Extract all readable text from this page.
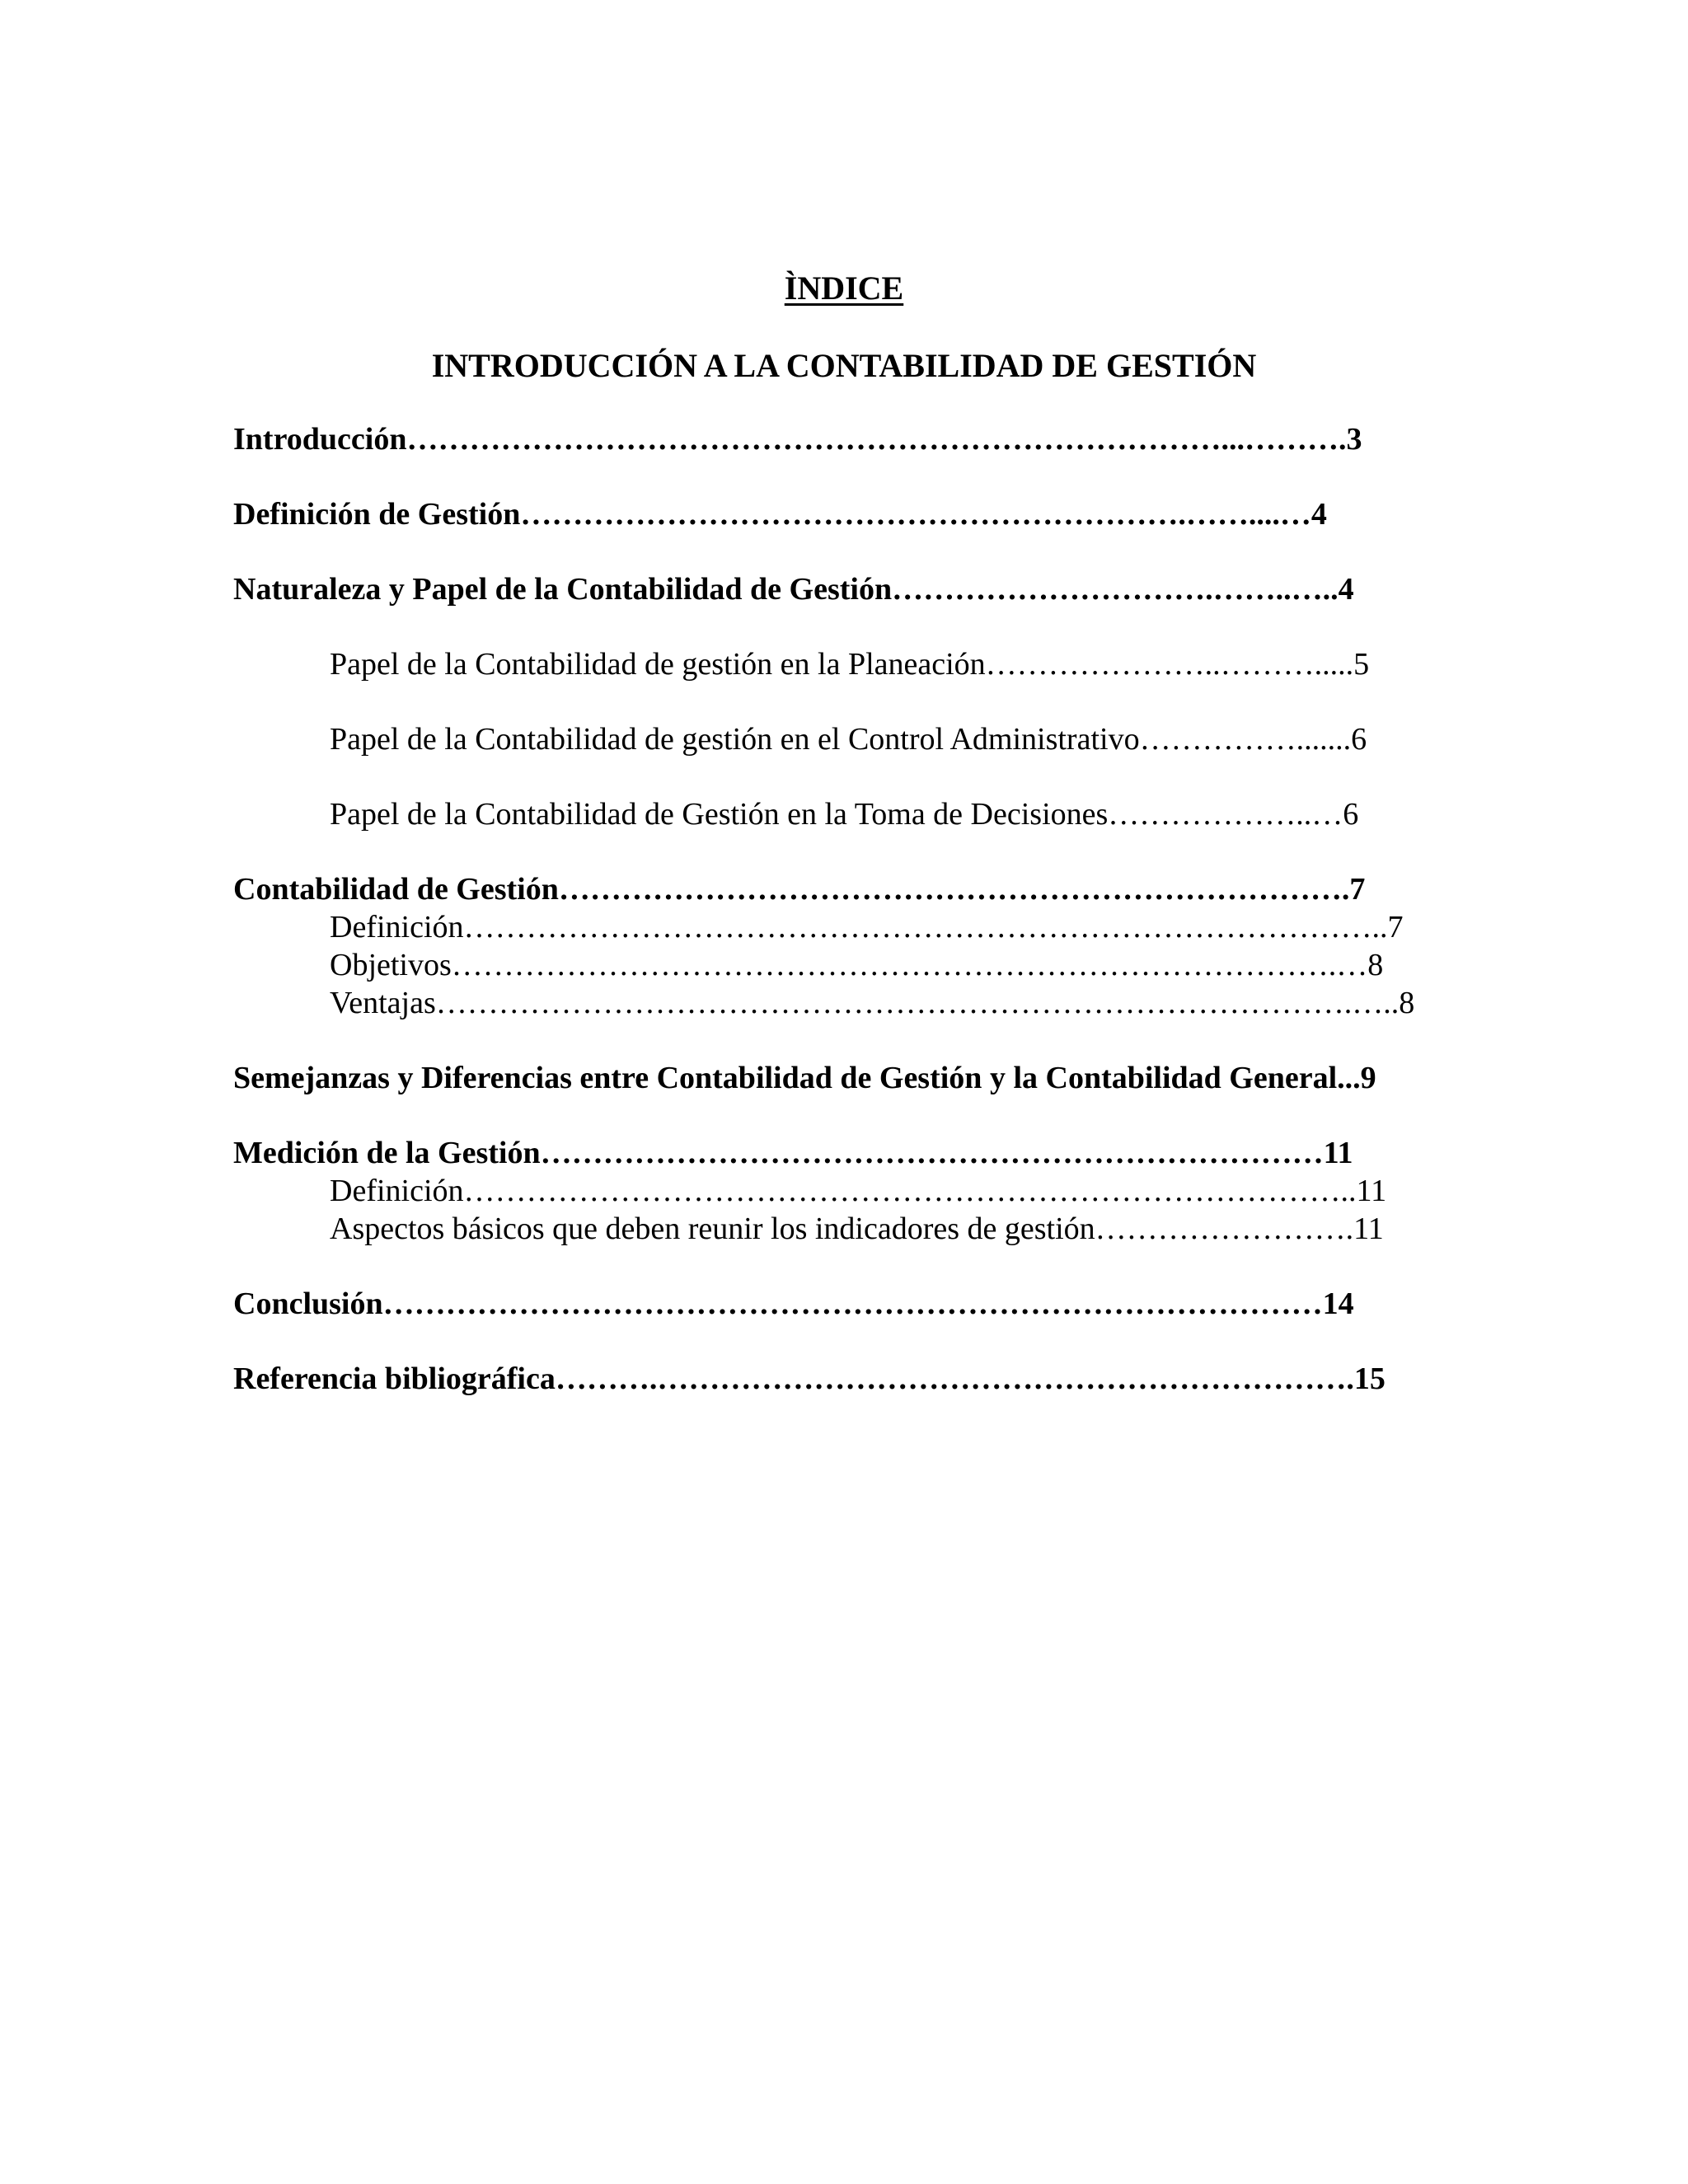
ÌNDICE
INTRODUCCIÓN A LA CONTABILIDAD DE GESTIÓN
Introducción……………………………………………………………………...……….3
Definición de Gestión……………………………………………………….……....…4
Naturaleza y Papel de la Contabilidad de Gestión………………………….……..…..4
Papel de la Contabilidad de gestión en la Planeación…………………..……….....5
Papel de la Contabilidad de gestión en el Control Administrativo…………….......6
Papel de la Contabilidad de Gestión en la Toma de Decisiones………………..…6
Contabilidad de Gestión………………………………………………………………….7
Definición……………………………………………………………………………..7
Objetivos………………………………………………………………………….…8
Ventajas…………………………………………………………………………….…..8
Semejanzas y Diferencias entre Contabilidad de Gestión y la Contabilidad General...9
Medición de la Gestión…………………………………………………………………11
Definición…………………………………………………………………………..11
Aspectos básicos que deben reunir los indicadores de gestión…………………….11
Conclusión………………………………………………………………………………14
Referencia bibliográfica……….………………………………………………………….15
